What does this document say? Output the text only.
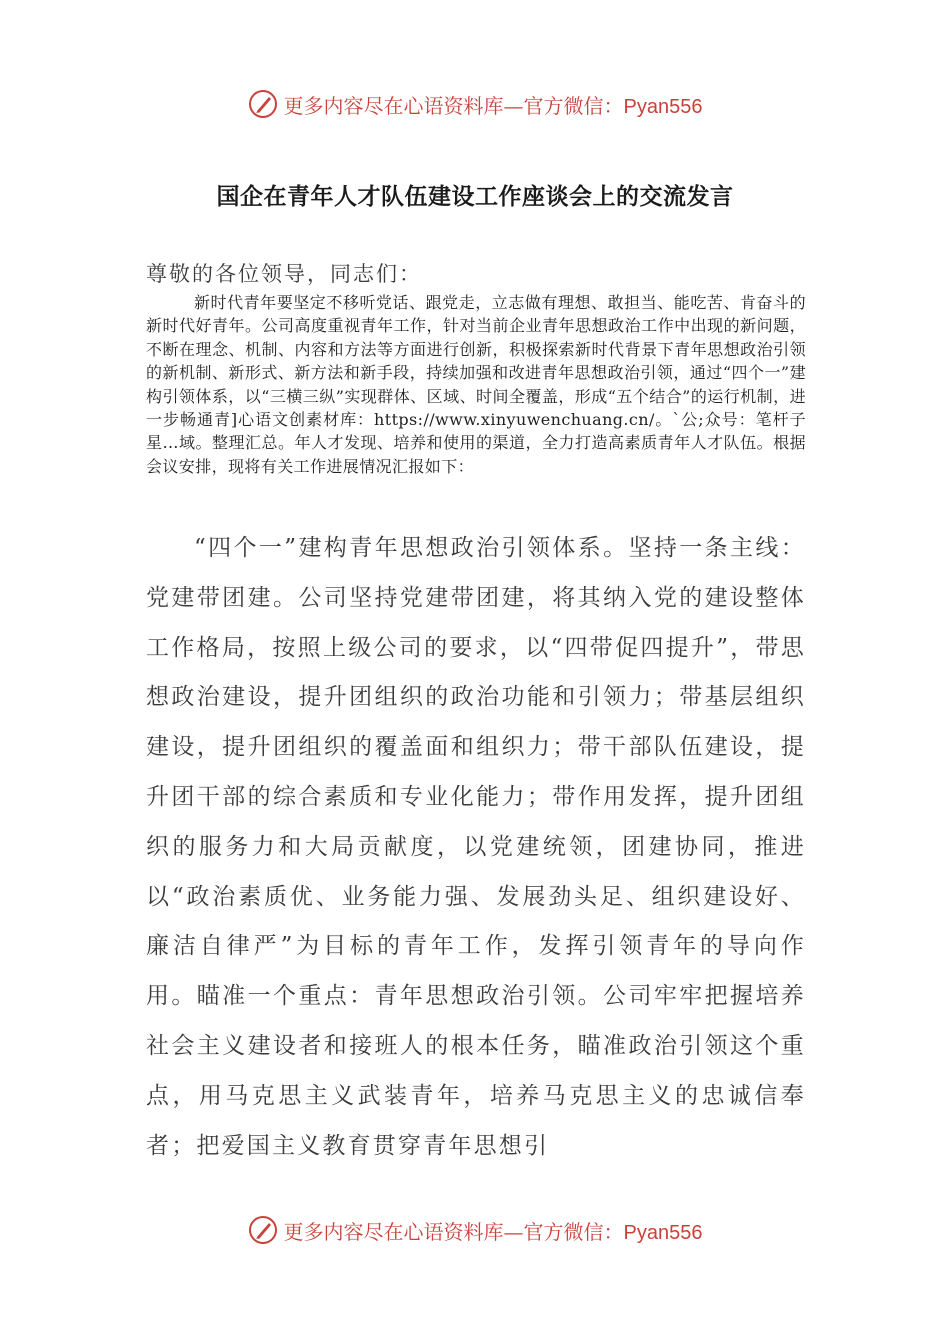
更多内容尽在心语资料库—官方微信：Pyan556
国企在青年人才队伍建设工作座谈会上的交流发言
尊敬的各位领导，同志们：
新时代青年要坚定不移听党话、跟党走，立志做有理想、敢担当、能吃苦、肯奋斗的新时代好青年。公司高度重视青年工作，针对当前企业青年思想政治工作中出现的新问题，不断在理念、机制、内容和方法等方面进行创新，积极探索新时代背景下青年思想政治引领的新机制、新形式、新方法和新手段，持续加强和改进青年思想政治引领，通过“四个一”建构引领体系，以“三横三纵”实现群体、区域、时间全覆盖，形成“五个结合”的运行机制，进一步畅通青]心语文创素材库：https://www.xinyuwenchuang.cn/。`公;众号：笔杆子星…域。整理汇总。年人才发现、培养和使用的渠道，全力打造高素质青年人才队伍。根据会议安排，现将有关工作进展情况汇报如下：
“四个一”建构青年思想政治引领体系。坚持一条主线：党建带团建。公司坚持党建带团建，将其纳入党的建设整体工作格局，按照上级公司的要求，以“四带促四提升”，带思想政治建设，提升团组织的政治功能和引领力；带基层组织建设，提升团组织的覆盖面和组织力；带干部队伍建设，提升团干部的综合素质和专业化能力；带作用发挥，提升团组织的服务力和大局贡献度，以党建统领，团建协同，推进以“政治素质优、业务能力强、发展劲头足、组织建设好、廉洁自律严”为目标的青年工作，发挥引领青年的导向作用。瞄准一个重点：青年思想政治引领。公司牢牢把握培养社会主义建设者和接班人的根本任务，瞄准政治引领这个重点，用马克思主义武装青年，培养马克思主义的忠诚信奉者；把爱国主义教育贯穿青年思想引
更多内容尽在心语资料库—官方微信：Pyan556
